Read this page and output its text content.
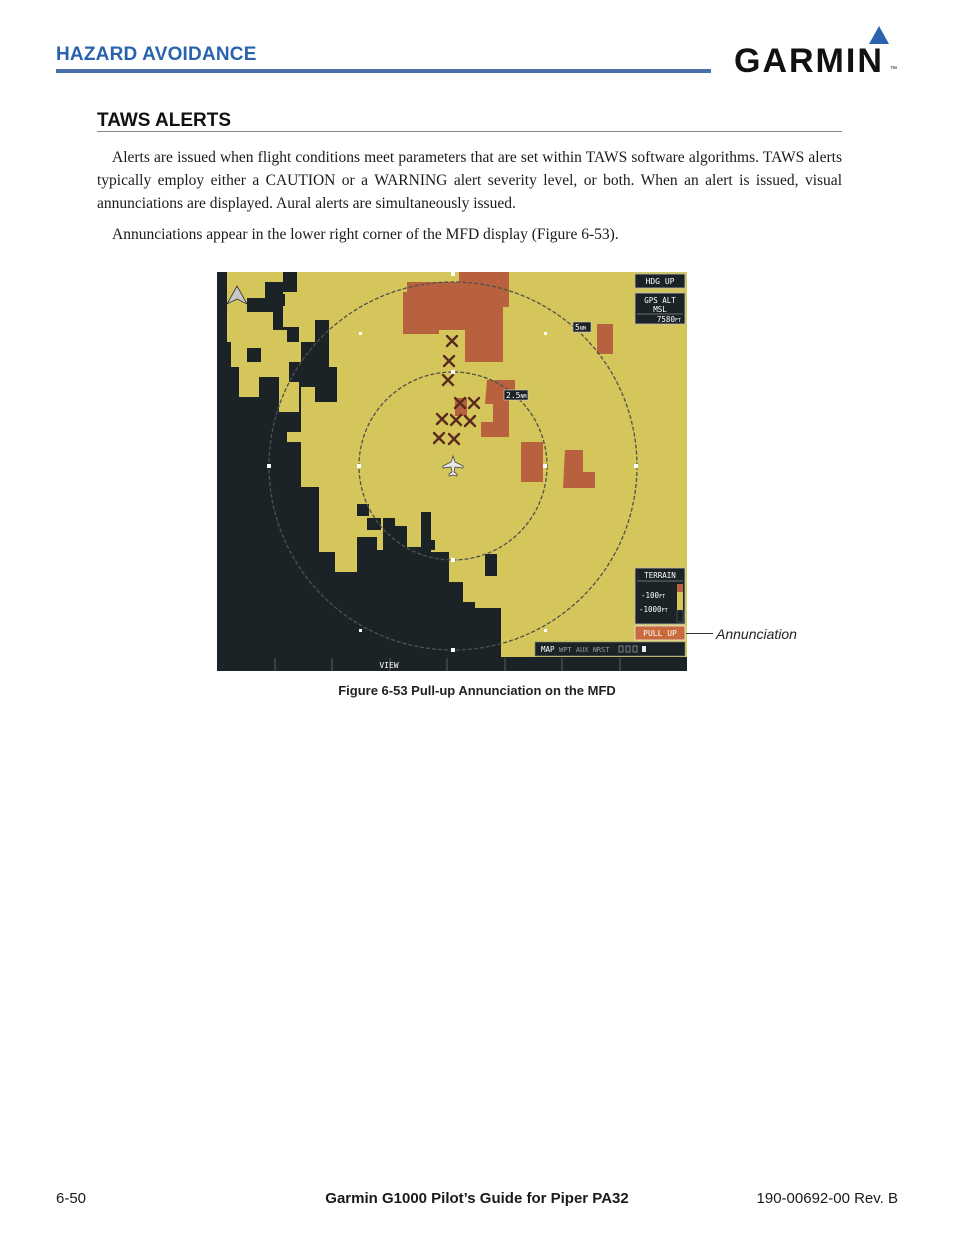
HAZARD AVOIDANCE	GARMIN ™
TAWS ALERTS

Alerts are issued when flight conditions meet parameters that are set within TAWS software algorithms. TAWS alerts typically employ either a CAUTION or a WARNING alert severity level, or both. When an alert is issued, visual annunciations are displayed. Aural alerts are simultaneously issued.

Annunciations appear in the lower right corner of the MFD display (Figure 6-53).

5NM
2.5NM
HDG UP
GPS ALT
MSL
7580FT
TERRAIN
-100FT
-1000FT
PULL UP
MAP WPT AUX NRST
VIEW
Annunciation
Figure 6-53 Pull-up Annunciation on the MFD
6-50	Garmin G1000 Pilot’s Guide for Piper PA32	190-00692-00 Rev. B
